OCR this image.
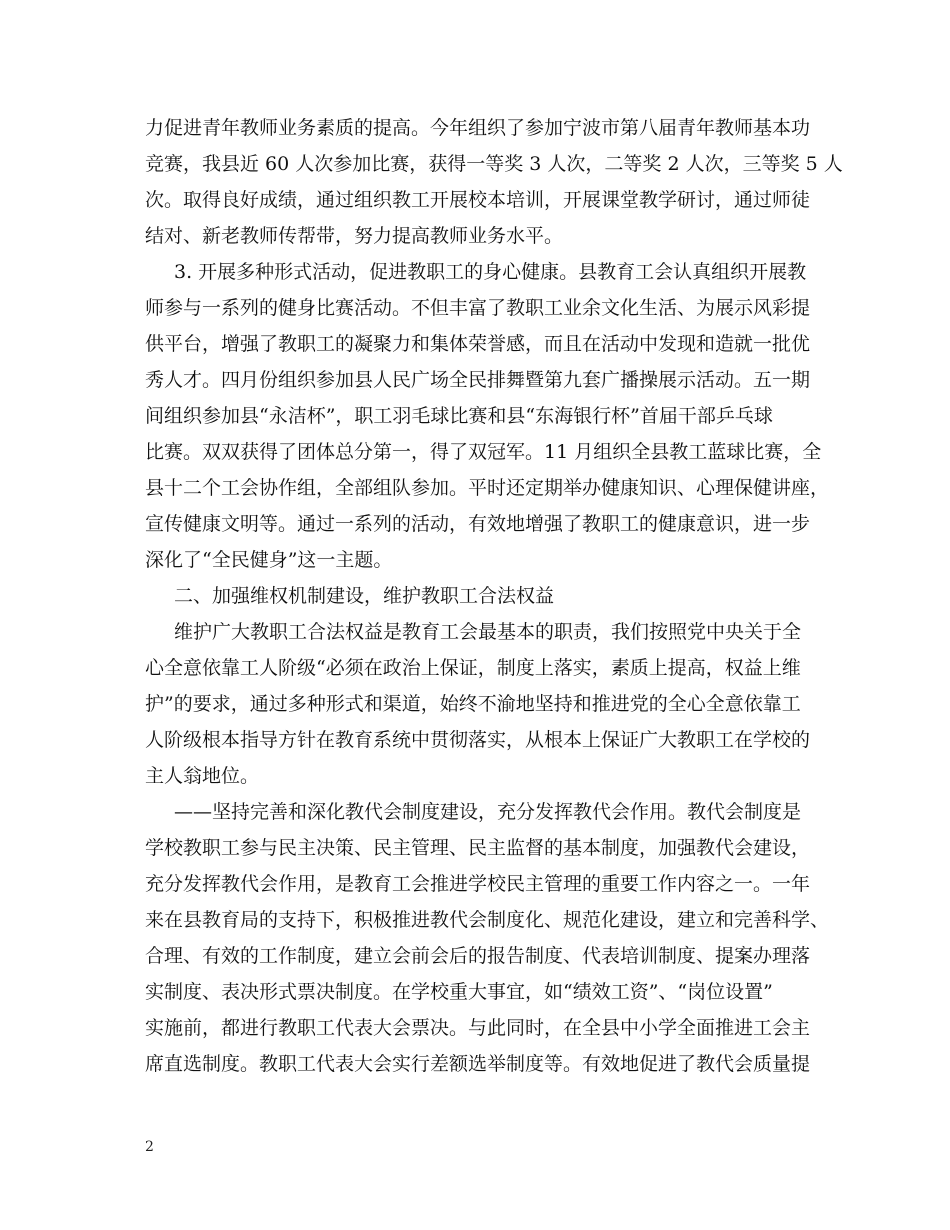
力促进青年教师业务素质的提高。今年组织了参加宁波市第八届青年教师基本功
竞赛，我县近 60 人次参加比赛，获得一等奖 3 人次，二等奖 2 人次，三等奖 5 人
次。取得良好成绩，通过组织教工开展校本培训，开展课堂教学研讨，通过师徒
结对、新老教师传帮带，努力提高教师业务水平。
3. 开展多种形式活动，促进教职工的身心健康。县教育工会认真组织开展教
师参与一系列的健身比赛活动。不但丰富了教职工业余文化生活、为展示风彩提
供平台，增强了教职工的凝聚力和集体荣誉感，而且在活动中发现和造就一批优
秀人才。四月份组织参加县人民广场全民排舞暨第九套广播操展示活动。五一期
间组织参加县“永洁杯”，职工羽毛球比赛和县“东海银行杯”首届干部乒乓球
比赛。双双获得了团体总分第一，得了双冠军。11 月组织全县教工蓝球比赛，全
县十二个工会协作组，全部组队参加。平时还定期举办健康知识、心理保健讲座，
宣传健康文明等。通过一系列的活动，有效地增强了教职工的健康意识，进一步
深化了“全民健身”这一主题。
二、加强维权机制建设，维护教职工合法权益
维护广大教职工合法权益是教育工会最基本的职责，我们按照党中央关于全
心全意依靠工人阶级“必须在政治上保证，制度上落实，素质上提高，权益上维
护”的要求，通过多种形式和渠道，始终不渝地坚持和推进党的全心全意依靠工
人阶级根本指导方针在教育系统中贯彻落实，从根本上保证广大教职工在学校的
主人翁地位。
——坚持完善和深化教代会制度建设，充分发挥教代会作用。教代会制度是
学校教职工参与民主决策、民主管理、民主监督的基本制度，加强教代会建设，
充分发挥教代会作用，是教育工会推进学校民主管理的重要工作内容之一。一年
来在县教育局的支持下，积极推进教代会制度化、规范化建设，建立和完善科学、
合理、有效的工作制度，建立会前会后的报告制度、代表培训制度、提案办理落
实制度、表决形式票决制度。在学校重大事宜，如“绩效工资”、“岗位设置”
实施前，都进行教职工代表大会票决。与此同时，在全县中小学全面推进工会主
席直选制度。教职工代表大会实行差额选举制度等。有效地促进了教代会质量提
2
